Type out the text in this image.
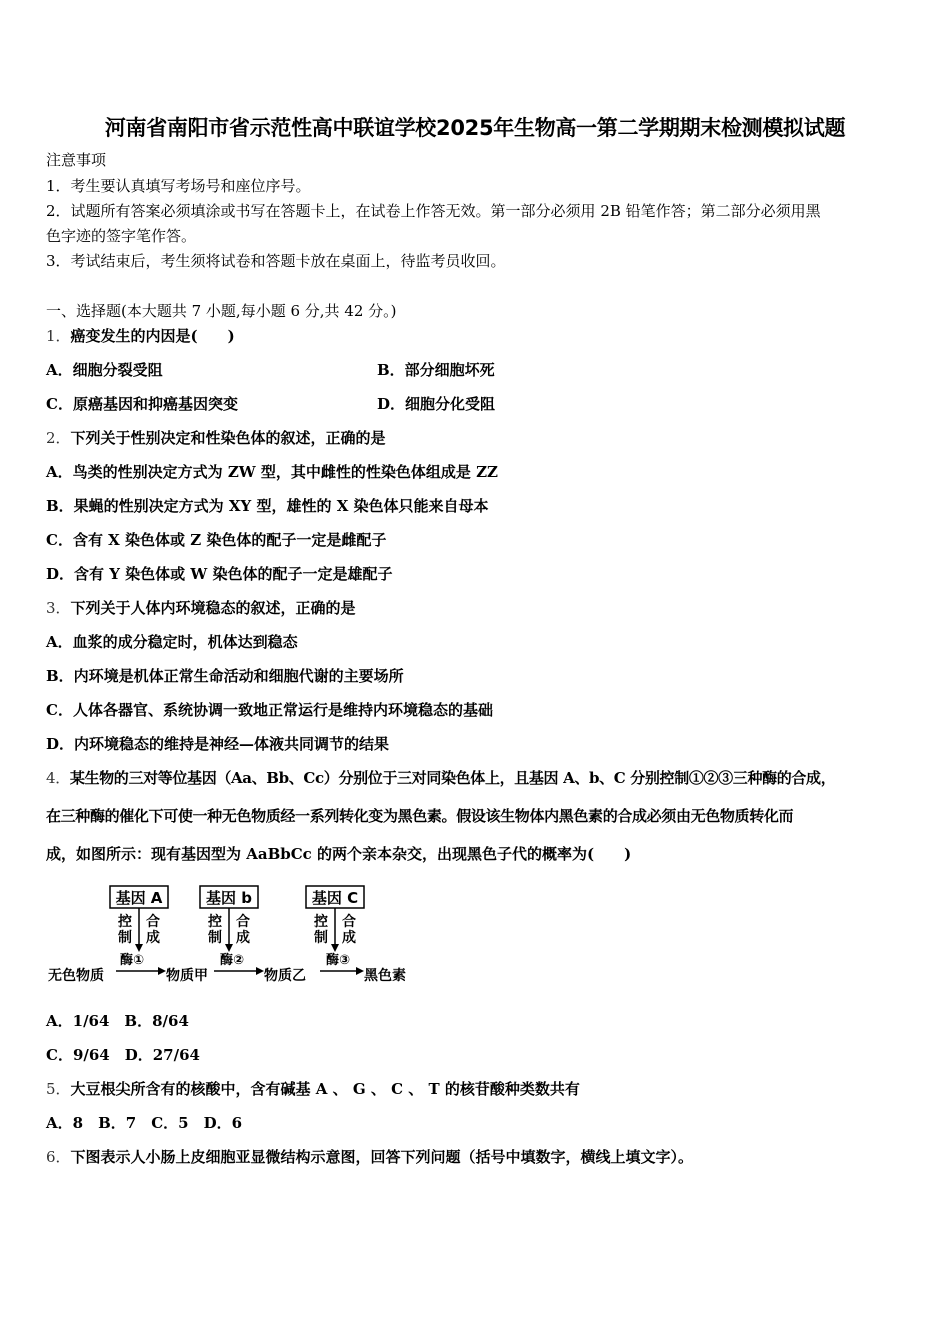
河南省南阳市省示范性高中联谊学校2025年生物高一第二学期期末检测模拟试题
注意事项
1．考生要认真填写考场号和座位序号。
2．试题所有答案必须填涂或书写在答题卡上，在试卷上作答无效。第一部分必须用 2B 铅笔作答；第二部分必须用黑
色字迹的签字笔作答。
3．考试结束后，考生须将试卷和答题卡放在桌面上，待监考员收回。
一、选择题(本大题共 7 小题,每小题 6 分,共 42 分。)
1．癌变发生的内因是(　　)
A．细胞分裂受阻	B．部分细胞坏死
C．原癌基因和抑癌基因突变	D．细胞分化受阻
2．下列关于性别决定和性染色体的叙述，正确的是
A．鸟类的性别决定方式为 ZW 型，其中雌性的性染色体组成是 ZZ
B．果蝇的性别决定方式为 XY 型，雄性的 X 染色体只能来自母本
C．含有 X 染色体或 Z 染色体的配子一定是雌配子
D．含有 Y 染色体或 W 染色体的配子一定是雄配子
3．下列关于人体内环境稳态的叙述，正确的是
A．血浆的成分稳定时，机体达到稳态
B．内环境是机体正常生命活动和细胞代谢的主要场所
C．人体各器官、系统协调一致地正常运行是维持内环境稳态的基础
D．内环境稳态的维持是神经—体液共同调节的结果
4．某生物的三对等位基因（Aa、Bb、Cc）分别位于三对同染色体上，且基因 A、b、C 分别控制①②③三种酶的合成，
在三种酶的催化下可使一种无色物质经一系列转化变为黑色素。假设该生物体内黑色素的合成必须由无色物质转化而
成，如图所示：现有基因型为 AaBbCc 的两个亲本杂交，出现黑色子代的概率为(　　)
基因 A	基因 b	基因 C
控
制
合
成
控
制
合
成
控
制
合
成
无色物质
酶①
物质甲
酶②
物质乙
酶③
黑色素
A．1/64　B．8/64
C．9/64　D．27/64
5．大豆根尖所含有的核酸中，含有碱基 A 、 G 、 C 、 T 的核苷酸种类数共有
A．8　B．7　C．5　D．6
6．下图表示人小肠上皮细胞亚显微结构示意图，回答下列问题（括号中填数字，横线上填文字）。
